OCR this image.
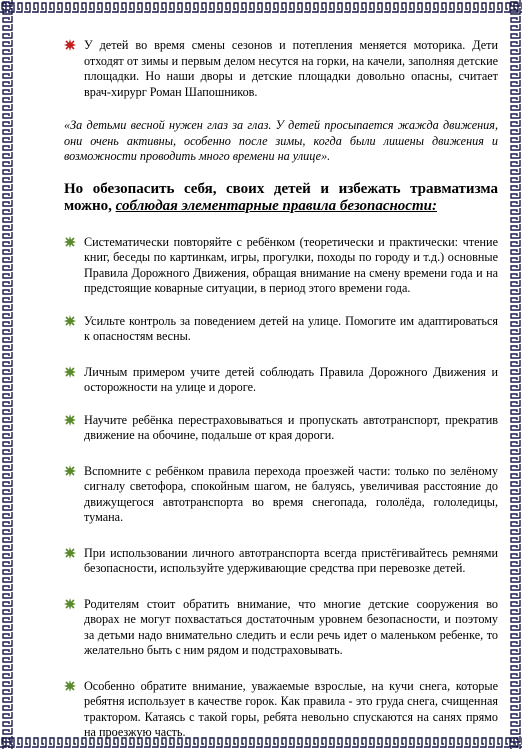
У детей во время смены сезонов и потепления меняется моторика. Дети отходят от зимы и первым делом несутся на горки, на качели, заполняя детские площадки. Но наши дворы и детские площадки довольно опасны, считает врач-хирург Роман Шапошников.
«За детьми весной нужен глаз за глаз. У детей просыпается жажда движения, они очень активны, особенно после зимы, когда были лишены движения и возможности проводить много времени на улице».
Но обезопасить себя, своих детей и избежать травматизма можно, соблюдая элементарные правила безопасности:
Систематически повторяйте с ребёнком (теоретически и практически: чтение книг, беседы по картинкам, игры, прогулки, походы по городу и т.д.) основные Правила Дорожного Движения, обращая внимание на смену времени года и на предстоящие коварные ситуации, в период этого времени года.
Усильте контроль за поведением детей на улице. Помогите им адаптироваться к опасностям весны.
Личным примером учите детей соблюдать Правила Дорожного Движения и осторожности на улице и дороге.
Научите ребёнка перестраховываться и пропускать автотранспорт, прекратив движение на обочине, подальше от края дороги.
Вспомните с ребёнком правила перехода проезжей части: только по зелёному сигналу светофора, спокойным шагом, не балуясь, увеличивая расстояние до движущегося автотранспорта во время снегопада, гололёда, гололедицы, тумана.
При использовании личного автотранспорта всегда пристёгивайтесь ремнями безопасности, используйте удерживающие средства при перевозке детей.
Родителям стоит обратить внимание, что многие детские сооружения во дворах не могут похвастаться достаточным уровнем безопасности, и поэтому за детьми надо внимательно следить и если речь идет о маленьком ребенке, то желательно быть с ним рядом и подстраховывать.
Особенно обратите внимание, уважаемые взрослые, на кучи снега, которые ребятня использует в качестве горок. Как правила - это груда снега, счищенная трактором. Катаясь с такой горы, ребята невольно спускаются на санях прямо на проезжую часть.
